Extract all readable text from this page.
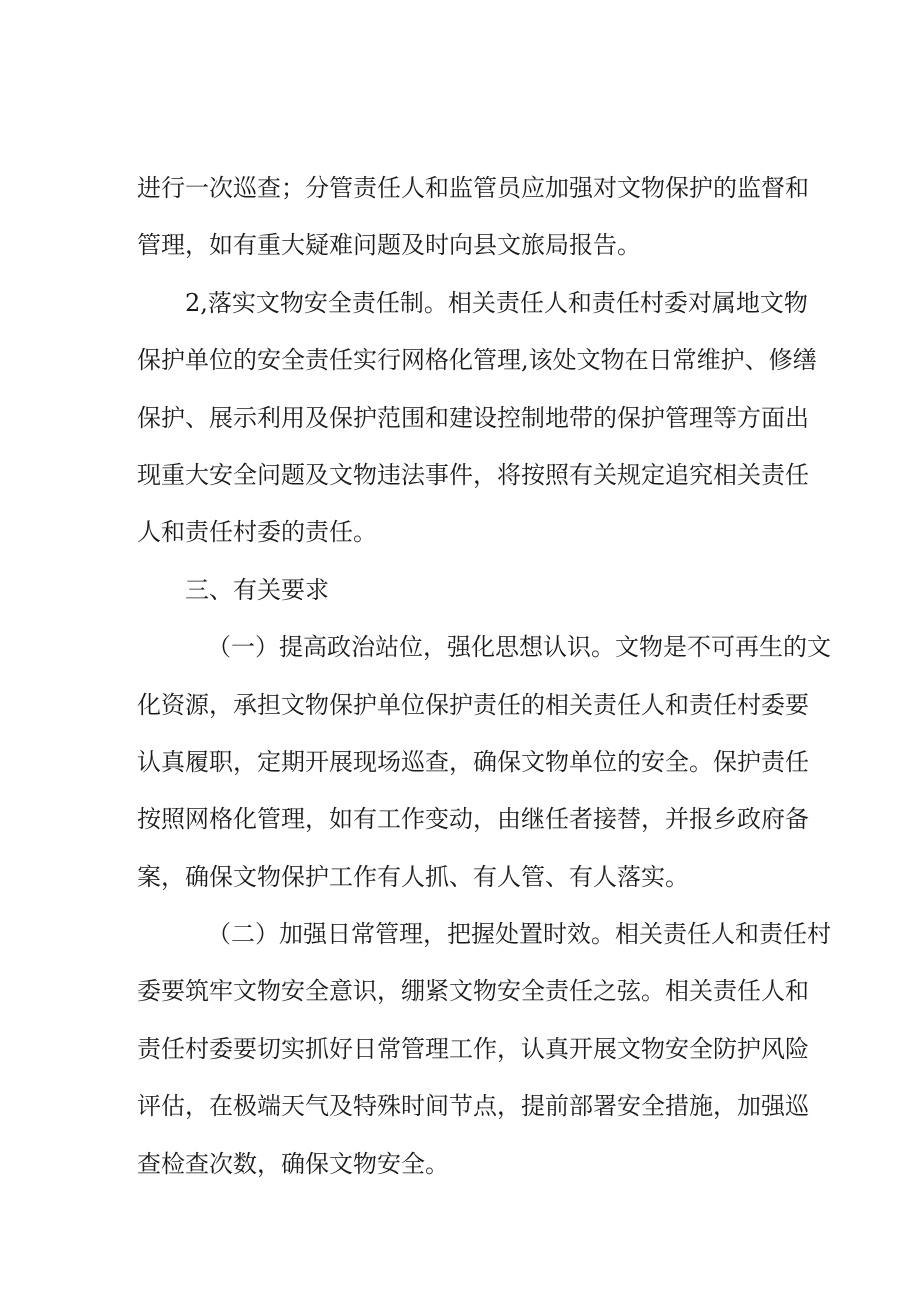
进行一次巡查；分管责任人和监管员应加强对文物保护的监督和
管理，如有重大疑难问题及时向县文旅局报告。
2,落实文物安全责任制。相关责任人和责任村委对属地文物
保护单位的安全责任实行网格化管理,该处文物在日常维护、修缮
保护、展示利用及保护范围和建设控制地带的保护管理等方面出
现重大安全问题及文物违法事件，将按照有关规定追究相关责任
人和责任村委的责任。
三、有关要求
（一）提高政治站位，强化思想认识。文物是不可再生的文
化资源，承担文物保护单位保护责任的相关责任人和责任村委要
认真履职，定期开展现场巡查，确保文物单位的安全。保护责任
按照网格化管理，如有工作变动，由继任者接替，并报乡政府备
案，确保文物保护工作有人抓、有人管、有人落实。
（二）加强日常管理，把握处置时效。相关责任人和责任村
委要筑牢文物安全意识，绷紧文物安全责任之弦。相关责任人和
责任村委要切实抓好日常管理工作，认真开展文物安全防护风险
评估，在极端天气及特殊时间节点，提前部署安全措施，加强巡
查检查次数，确保文物安全。
